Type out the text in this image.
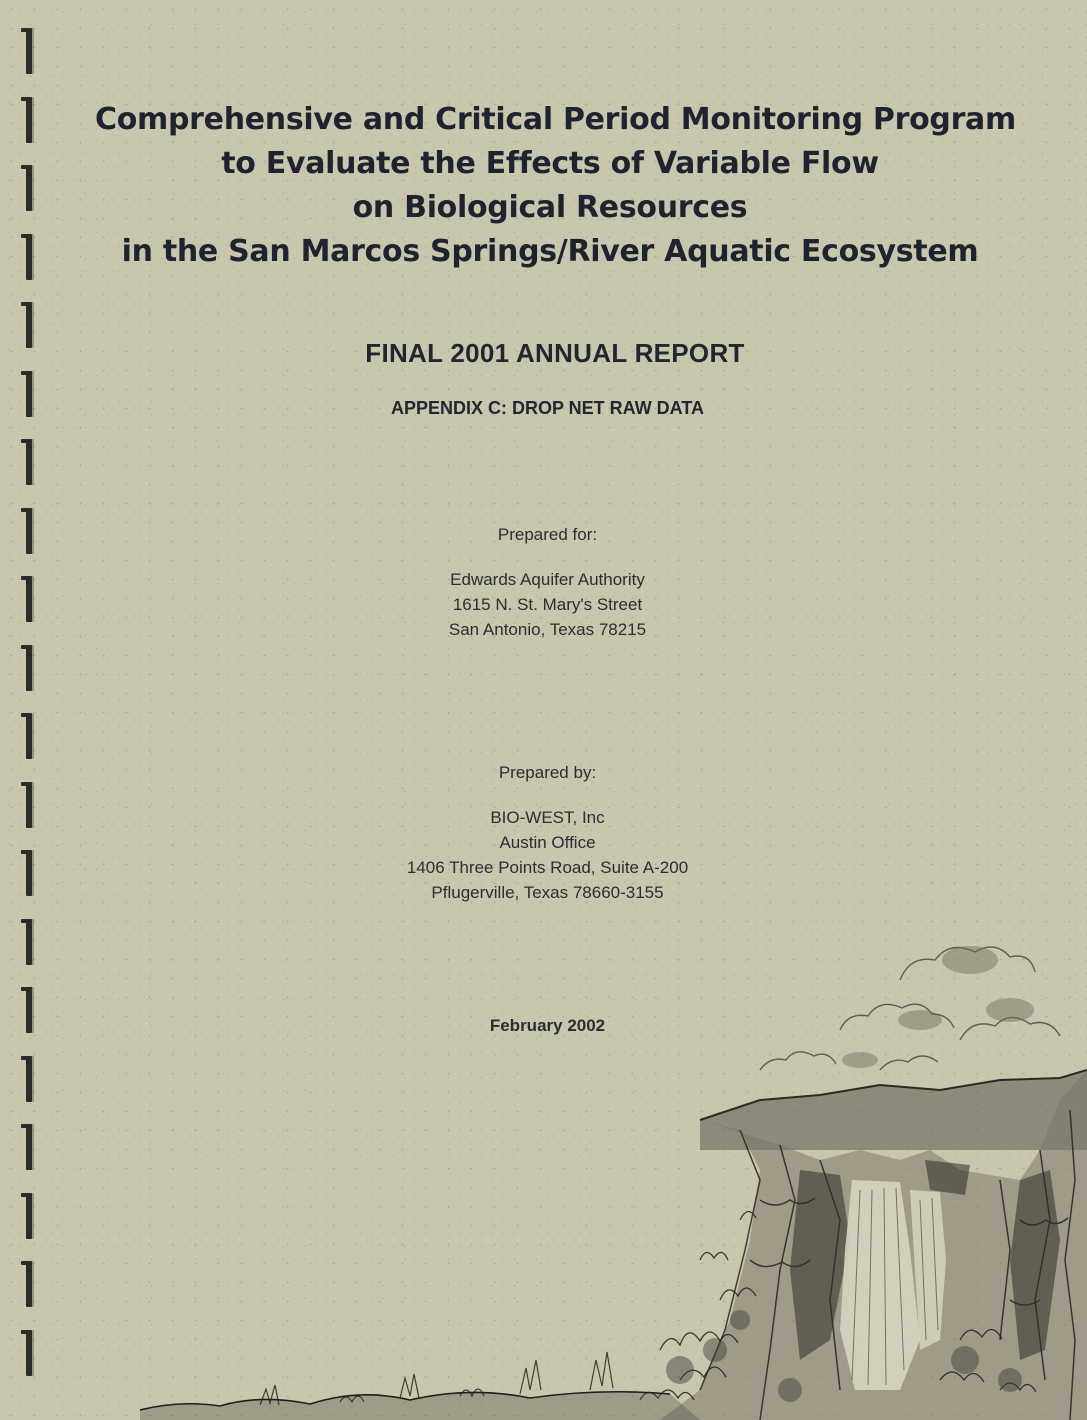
Comprehensive and Critical Period Monitoring Program
to Evaluate the Effects of Variable Flow
on Biological Resources
in the San Marcos Springs/River Aquatic Ecosystem
FINAL 2001 ANNUAL REPORT
APPENDIX C: DROP NET RAW DATA
Prepared for:
Edwards Aquifer Authority
1615 N. St. Mary's Street
San Antonio, Texas 78215
Prepared by:
BIO-WEST, Inc
Austin Office
1406 Three Points Road, Suite A-200
Pflugerville, Texas 78660-3155
February 2002
